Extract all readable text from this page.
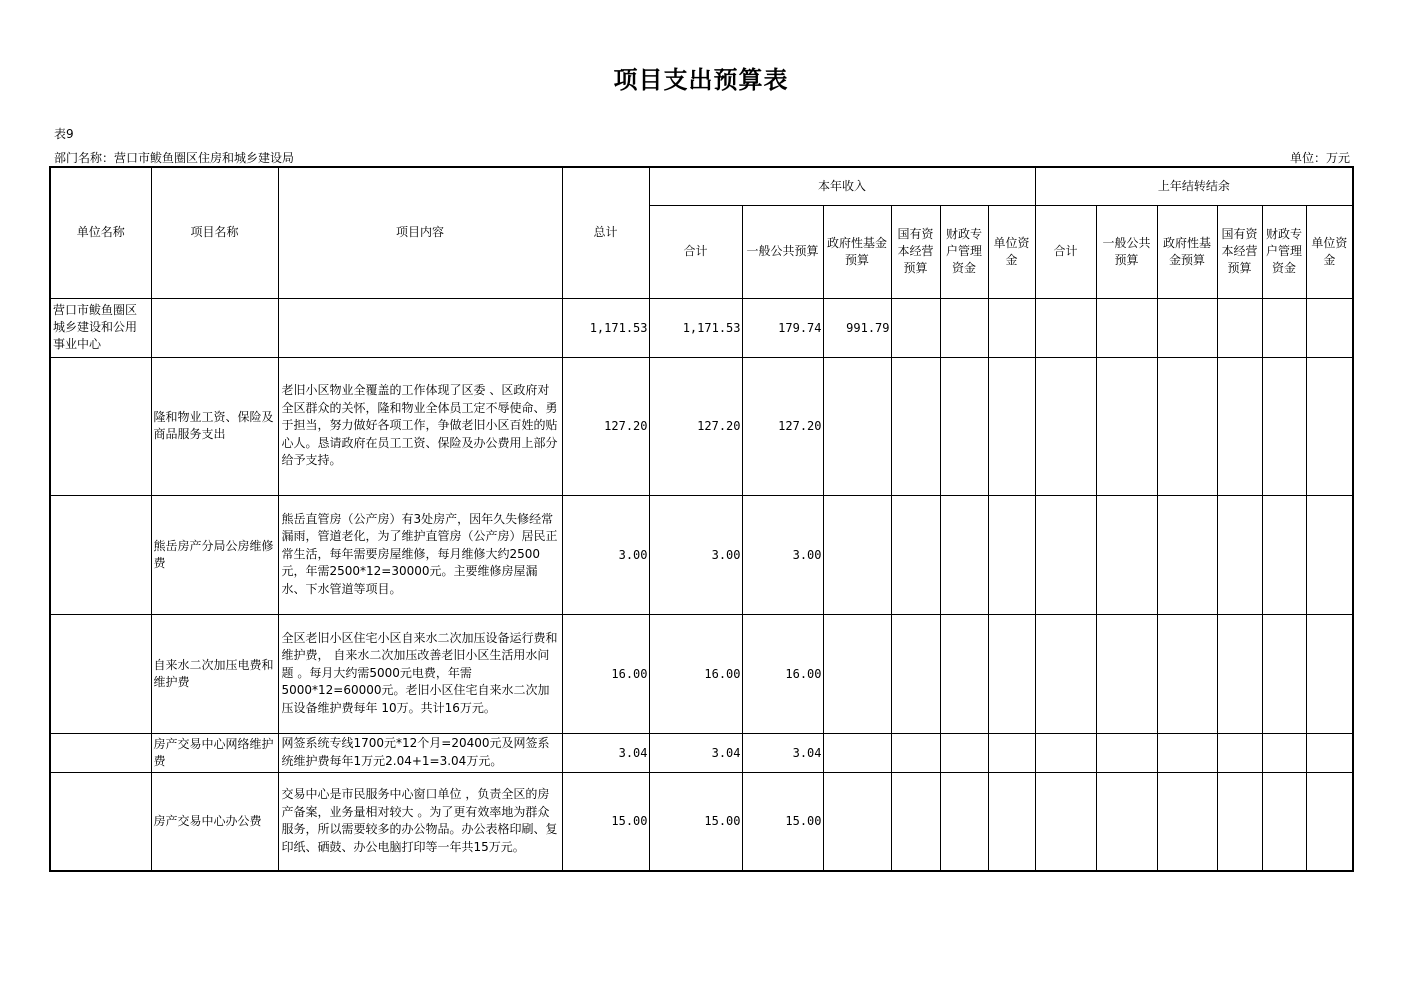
项目支出预算表
表9
部门名称：营口市鲅鱼圈区住房和城乡建设局	单位：万元
单位名称	项目名称	项目内容	总计	本年收入						上年结转结余					
				合计	一般公共预算	政府性基金预算	国有资本经营预算	财政专户管理资金	单位资金	合计	一般公共预算	政府性基金预算	国有资本经营预算	财政专户管理资金	单位资金
营口市鲅鱼圈区城乡建设和公用事业中心			1,171.53	1,171.53	179.74	991.79									
	隆和物业工资、保险及商品服务支出	老旧小区物业全覆盖的工作体现了区委 、区政府对全区群众的关怀，隆和物业全体员工定不辱使命、勇于担当，努力做好各项工作，争做老旧小区百姓的贴心人。恳请政府在员工工资、保险及办公费用上部分给予支持。	127.20	127.20	127.20										
	熊岳房产分局公房维修费	熊岳直管房（公产房）有3处房产，因年久失修经常漏雨，管道老化，为了维护直管房（公产房）居民正常生活，每年需要房屋维修，每月维修大约2500元，年需2500*12=30000元。主要维修房屋漏水、下水管道等项目。	3.00	3.00	3.00										
	自来水二次加压电费和维护费	全区老旧小区住宅小区自来水二次加压设备运行费和维护费， 自来水二次加压改善老旧小区生活用水问题 。每月大约需5000元电费，年需5000*12=60000元。老旧小区住宅自来水二次加压设备维护费每年 10万。共计16万元。	16.00	16.00	16.00										
	房产交易中心网络维护费	网签系统专线1700元*12个月=20400元及网签系统维护费每年1万元2.04+1=3.04万元。	3.04	3.04	3.04										
	房产交易中心办公费	交易中心是市民服务中心窗口单位 ，负责全区的房产备案，业务量相对较大 。为了更有效率地为群众服务，所以需要较多的办公物品。办公表格印刷、复印纸、硒鼓、办公电脑打印等一年共15万元。	15.00	15.00	15.00										
